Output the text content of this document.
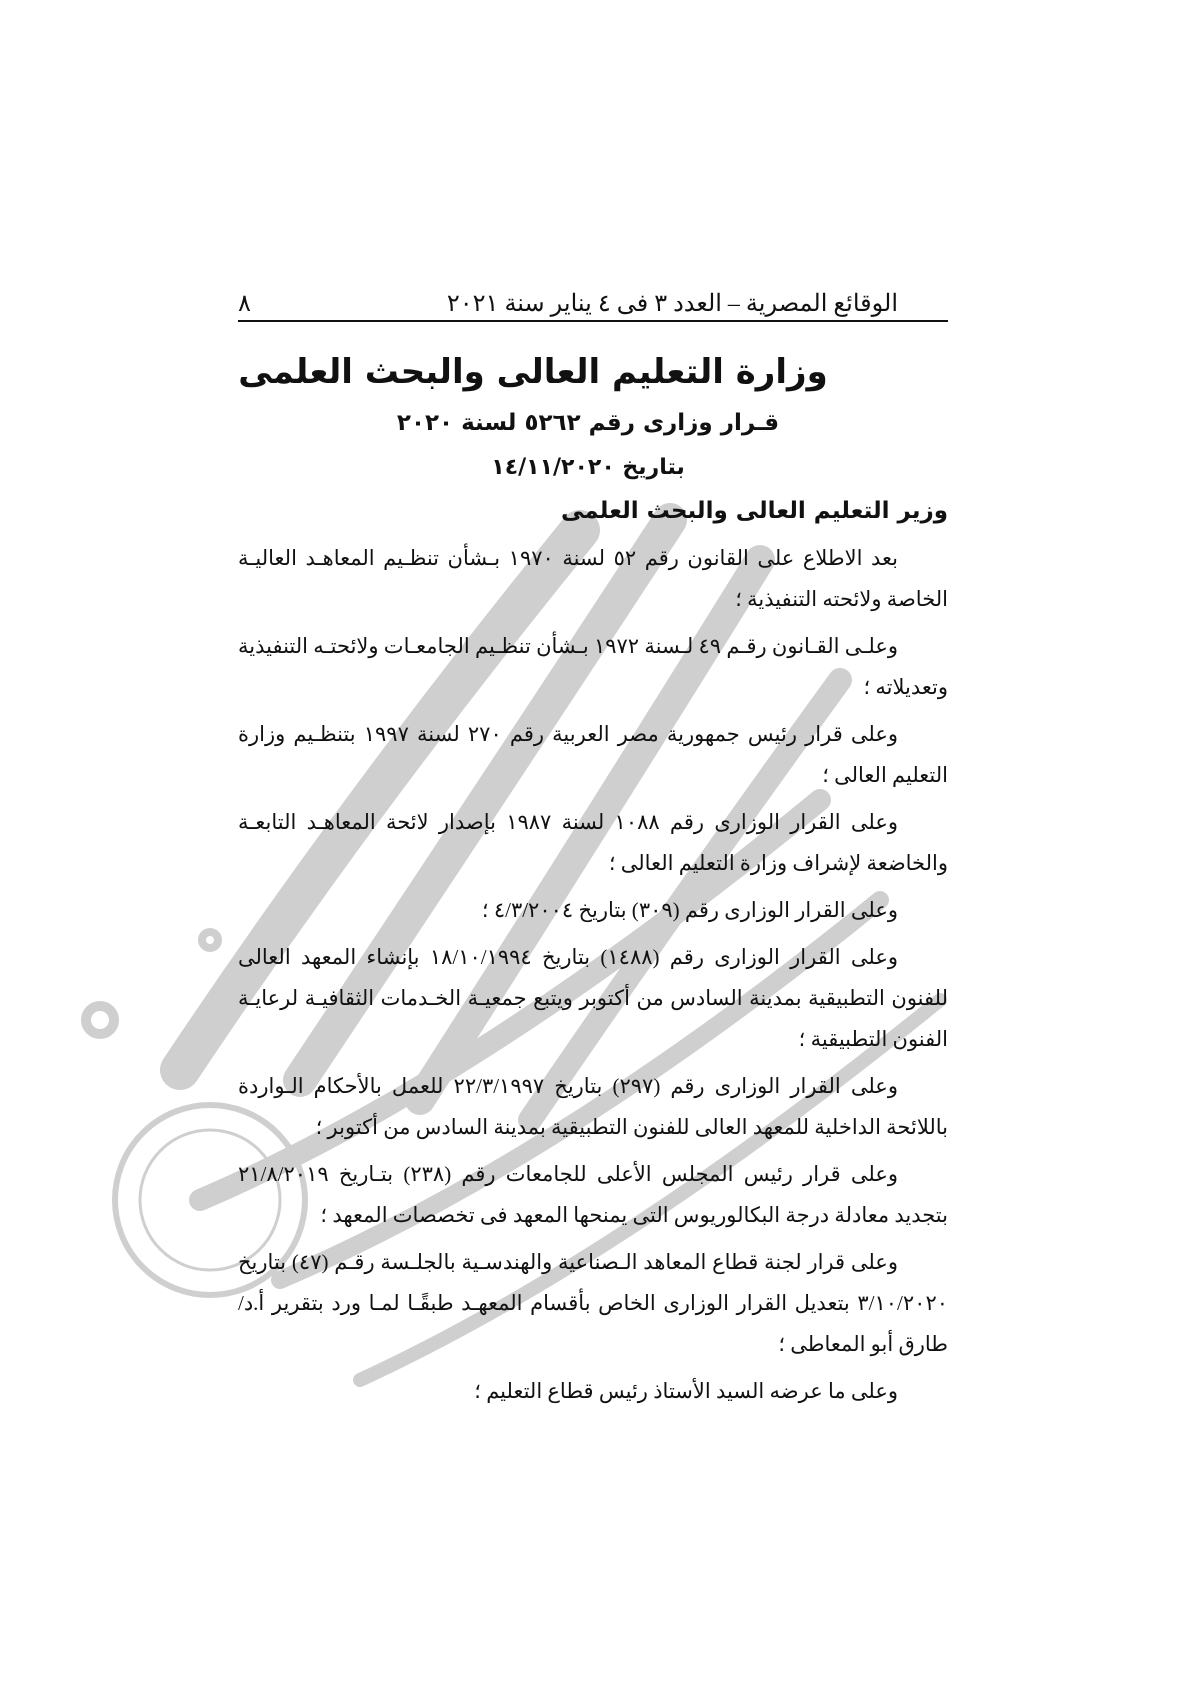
الوقائع المصرية – العدد ٣ فى ٤ يناير سنة ٢٠٢١
٨
وزارة التعليم العالى والبحث العلمى
قـرار وزارى رقم ٥٢٦٢ لسنة ٢٠٢٠
بتاريخ ١٤/١١/٢٠٢٠
وزير التعليم العالى والبحث العلمى

بعد الاطلاع على القانون رقم ٥٢ لسنة ١٩٧٠ بـشأن تنظـيم المعاهـد العاليـة الخاصة ولائحته التنفيذية ؛

وعلـى القـانون رقـم ٤٩ لـسنة ١٩٧٢ بـشأن تنظـيم الجامعـات ولائحتـه التنفيذية وتعديلاته ؛

وعلى قرار رئيس جمهورية مصر العربية رقم ٢٧٠ لسنة ١٩٩٧ بتنظـيم وزارة التعليم العالى ؛

وعلى القرار الوزارى رقم ١٠٨٨ لسنة ١٩٨٧ بإصدار لائحة المعاهـد التابعـة والخاضعة لإشراف وزارة التعليم العالى ؛

وعلى القرار الوزارى رقم (٣٠٩) بتاريخ ٤/٣/٢٠٠٤ ؛

وعلى القرار الوزارى رقم (١٤٨٨) بتاريخ ١٨/١٠/١٩٩٤ بإنشاء المعهد العالى للفنون التطبيقية بمدينة السادس من أكتوبر ويتبع جمعيـة الخـدمات الثقافيـة لرعايـة الفنون التطبيقية ؛

وعلى القرار الوزارى رقم (٢٩٧) بتاريخ ٢٢/٣/١٩٩٧ للعمل بالأحكام الـواردة باللائحة الداخلية للمعهد العالى للفنون التطبيقية بمدينة السادس من أكتوبر ؛

وعلى قرار رئيس المجلس الأعلى للجامعات رقم (٢٣٨) بتـاريخ ٢١/٨/٢٠١٩ بتجديد معادلة درجة البكالوريوس التى يمنحها المعهد فى تخصصات المعهد ؛

وعلى قرار لجنة قطاع المعاهد الـصناعية والهندسـية بالجلـسة رقـم (٤٧) بتاريخ ٣/١٠/٢٠٢٠ بتعديل القرار الوزارى الخاص بأقسام المعهـد طبقًـا لمـا ورد بتقرير أ.د/ طارق أبو المعاطى ؛

وعلى ما عرضه السيد الأستاذ رئيس قطاع التعليم ؛
